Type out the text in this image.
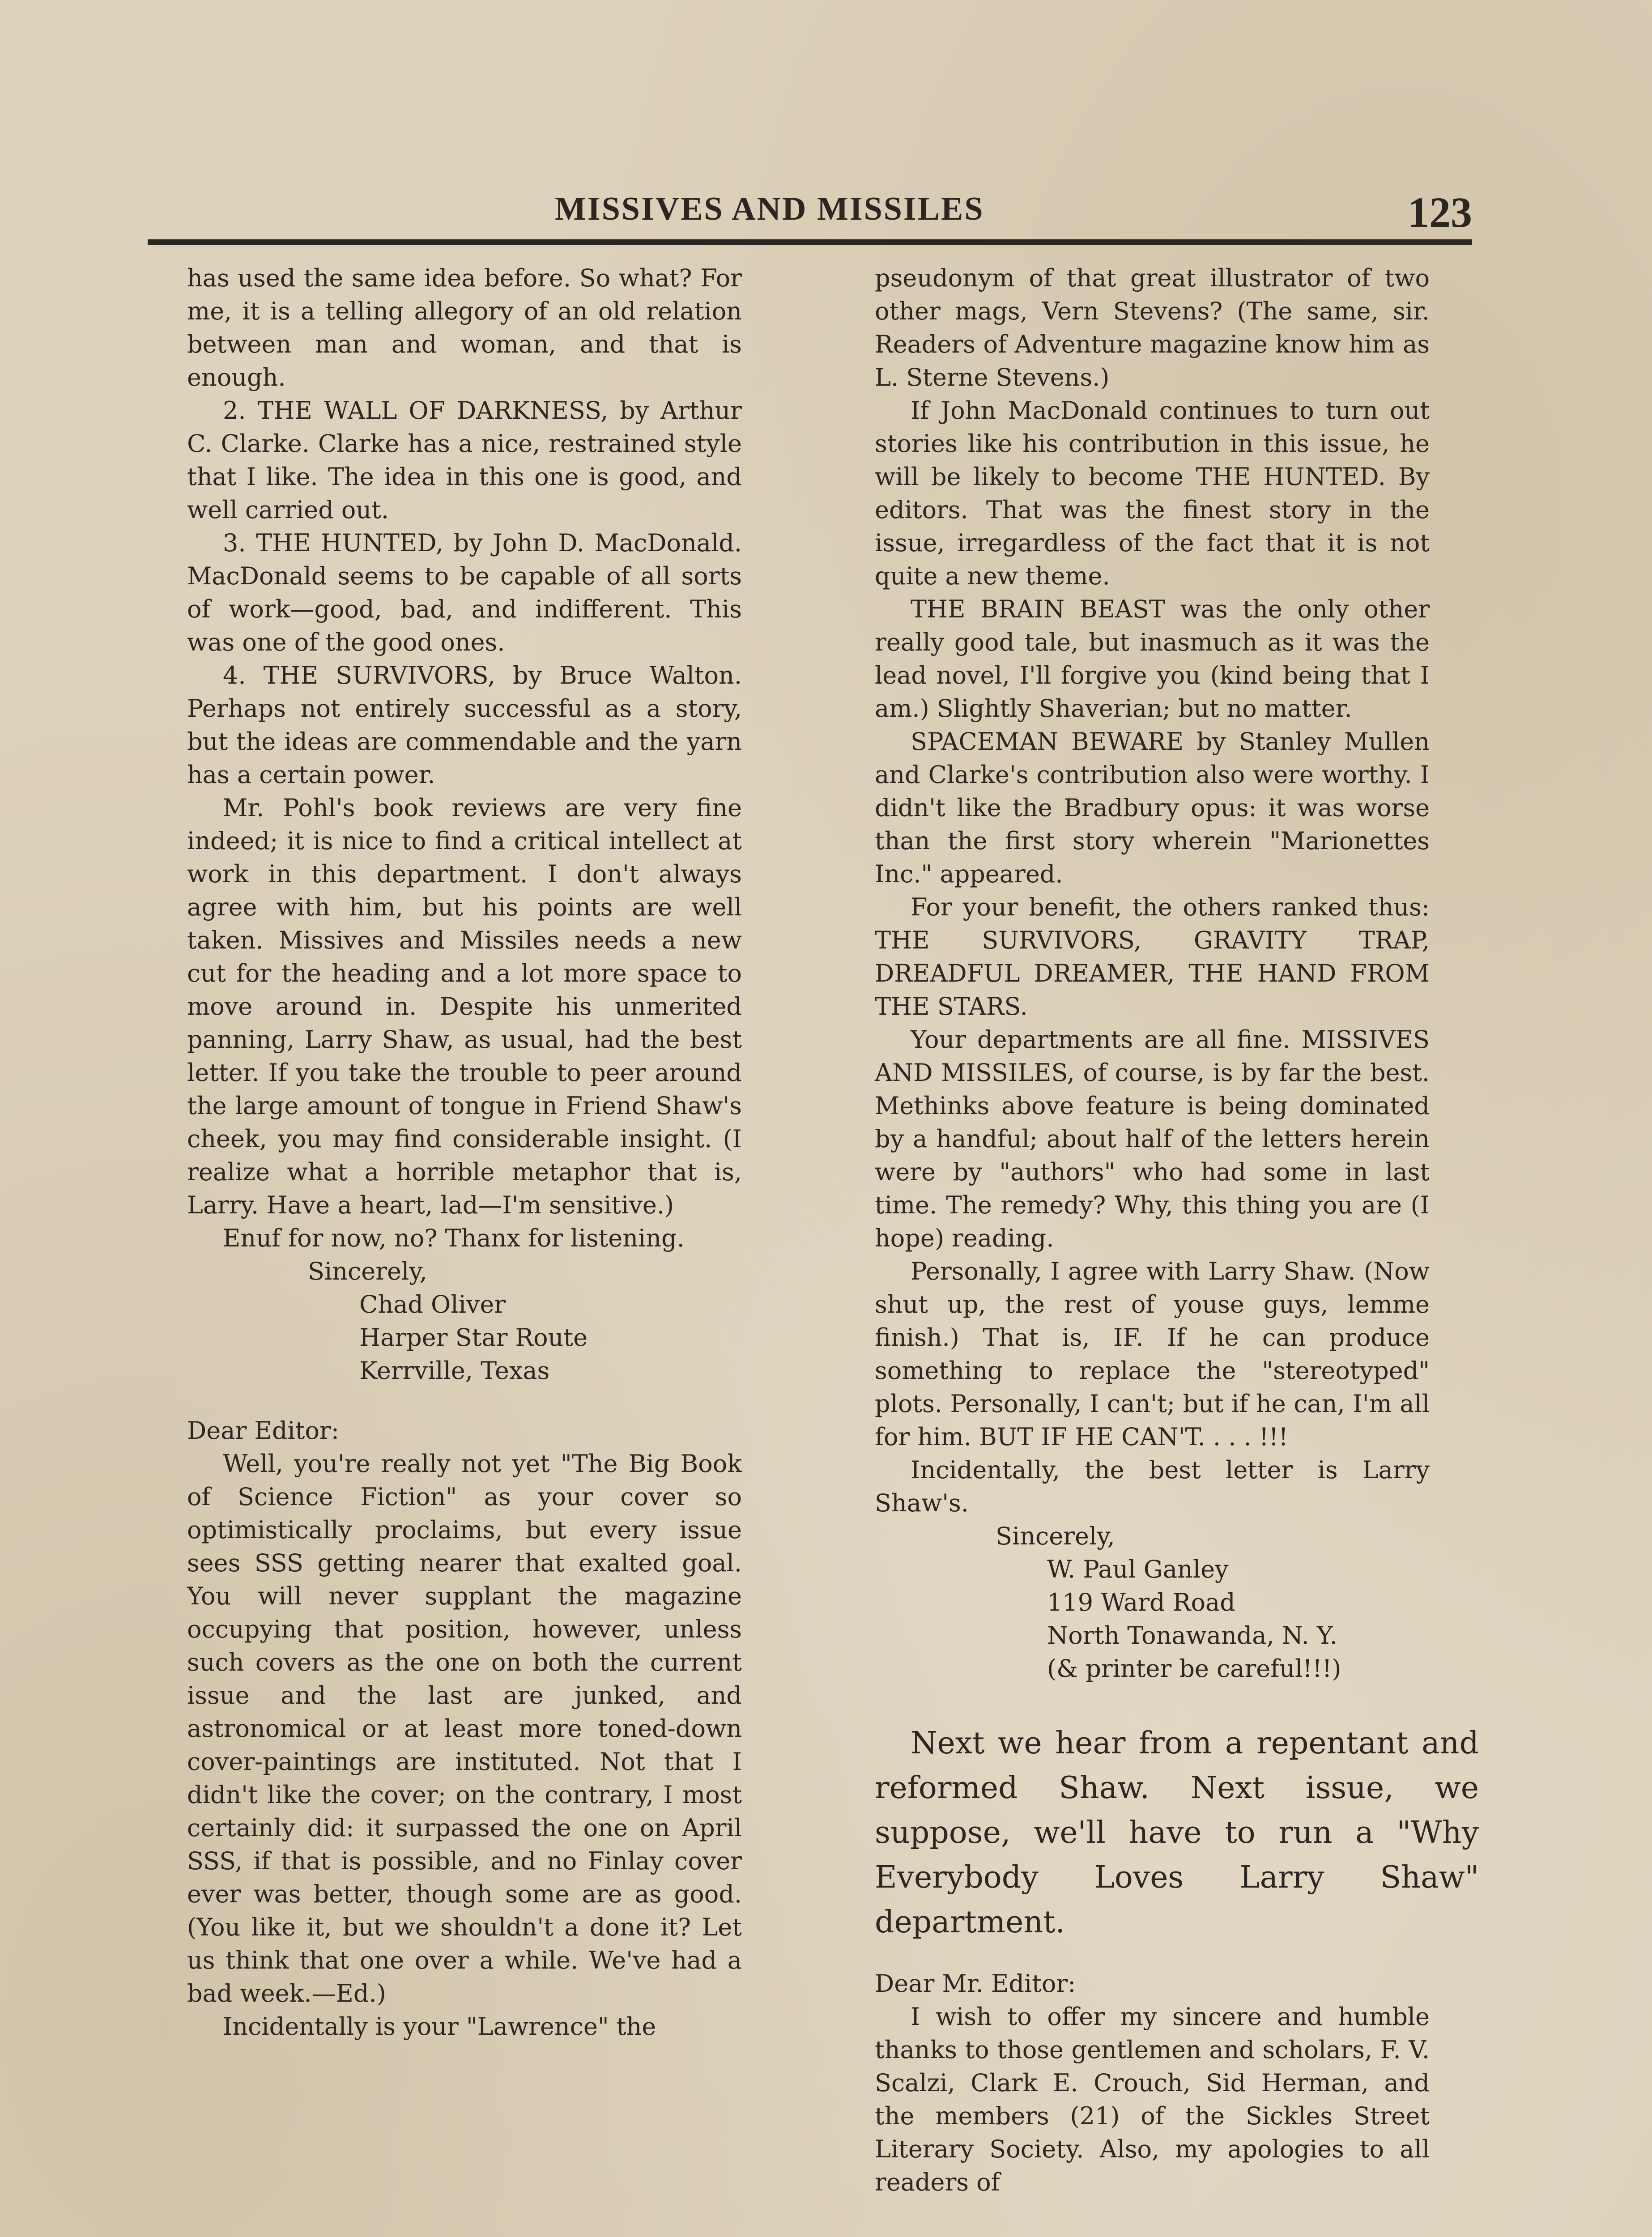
MISSIVES AND MISSILES	123

has used the same idea before. So what? For me, it is a telling allegory of an old relation between man and woman, and that is enough.

2. THE WALL OF DARKNESS, by Arthur C. Clarke. Clarke has a nice, restrained style that I like. The idea in this one is good, and well carried out.

3. THE HUNTED, by John D. MacDonald. MacDonald seems to be capable of all sorts of work—good, bad, and indifferent. This was one of the good ones.

4. THE SURVIVORS, by Bruce Walton. Perhaps not entirely successful as a story, but the ideas are commendable and the yarn has a certain power.

Mr. Pohl's book reviews are very fine indeed; it is nice to find a critical intellect at work in this department. I don't always agree with him, but his points are well taken. Missives and Missiles needs a new cut for the heading and a lot more space to move around in. Despite his unmerited panning, Larry Shaw, as usual, had the best letter. If you take the trouble to peer around the large amount of tongue in Friend Shaw's cheek, you may find considerable insight. (I realize what a horrible metaphor that is, Larry. Have a heart, lad—I'm sensitive.)

Enuf for now, no? Thanx for listening.

Sincerely,

Chad Oliver

Harper Star Route

Kerrville, Texas

Dear Editor:

Well, you're really not yet "The Big Book of Science Fiction" as your cover so optimistically proclaims, but every issue sees SSS getting nearer that exalted goal. You will never supplant the magazine occupying that position, however, unless such covers as the one on both the current issue and the last are junked, and astronomical or at least more toned-down cover-paintings are instituted. Not that I didn't like the cover; on the contrary, I most certainly did: it surpassed the one on April SSS, if that is possible, and no Finlay cover ever was better, though some are as good. (You like it, but we shouldn't a done it? Let us think that one over a while. We've had a bad week.—Ed.)

Incidentally is your "Lawrence" the

pseudonym of that great illustrator of two other mags, Vern Stevens? (The same, sir. Readers of Adventure magazine know him as L. Sterne Stevens.)

If John MacDonald continues to turn out stories like his contribution in this issue, he will be likely to become THE HUNTED. By editors. That was the finest story in the issue, irregardless of the fact that it is not quite a new theme.

THE BRAIN BEAST was the only other really good tale, but inasmuch as it was the lead novel, I'll forgive you (kind being that I am.) Slightly Shaverian; but no matter.

SPACEMAN BEWARE by Stanley Mullen and Clarke's contribution also were worthy. I didn't like the Bradbury opus: it was worse than the first story wherein "Marionettes Inc." appeared.

For your benefit, the others ranked thus: THE SURVIVORS, GRAVITY TRAP, DREADFUL DREAMER, THE HAND FROM THE STARS.

Your departments are all fine. MISSIVES AND MISSILES, of course, is by far the best. Methinks above feature is being dominated by a handful; about half of the letters herein were by "authors" who had some in last time. The remedy? Why, this thing you are (I hope) reading.

Personally, I agree with Larry Shaw. (Now shut up, the rest of youse guys, lemme finish.) That is, IF. If he can produce something to replace the "stereotyped" plots. Personally, I can't; but if he can, I'm all for him. BUT IF HE CAN'T. . . . !!!

Incidentally, the best letter is Larry Shaw's.

Sincerely,

W. Paul Ganley

119 Ward Road

North Tonawanda, N. Y.

(& printer be careful!!!)

Next we hear from a repentant and reformed Shaw. Next issue, we suppose, we'll have to run a "Why Everybody Loves Larry Shaw" department.

Dear Mr. Editor:

I wish to offer my sincere and humble thanks to those gentlemen and scholars, F. V. Scalzi, Clark E. Crouch, Sid Herman, and the members (21) of the Sickles Street Literary Society. Also, my apologies to all readers of
